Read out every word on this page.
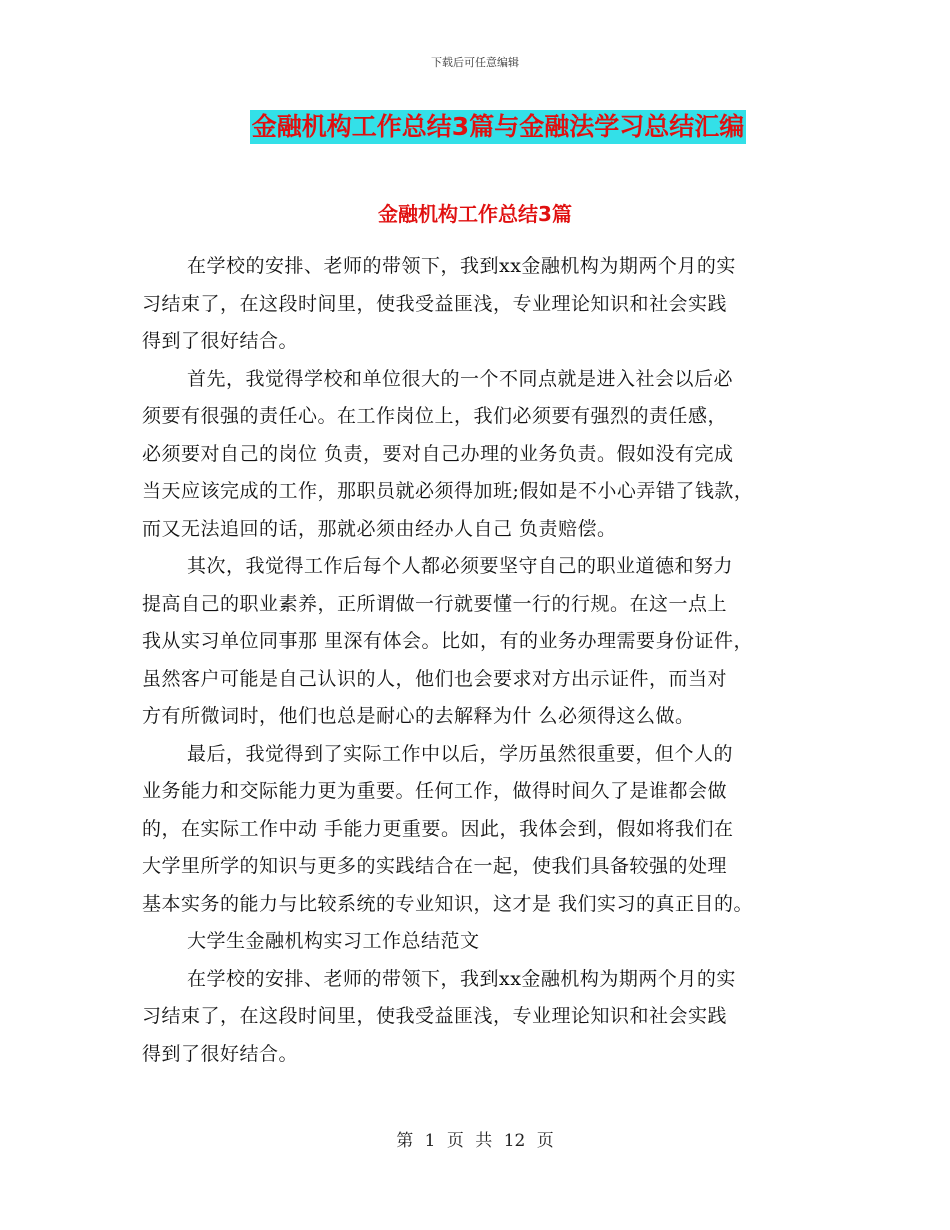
下载后可任意编辑
金融机构工作总结3篇与金融法学习总结汇编
金融机构工作总结3篇
在学校的安排、老师的带领下，我到xx金融机构为期两个月的实
习结束了，在这段时间里，使我受益匪浅，专业理论知识和社会实践
得到了很好结合。
首先，我觉得学校和单位很大的一个不同点就是进入社会以后必
须要有很强的责任心。在工作岗位上，我们必须要有强烈的责任感，
必须要对自己的岗位 负责，要对自己办理的业务负责。假如没有完成
当天应该完成的工作，那职员就必须得加班;假如是不小心弄错了钱款，
而又无法追回的话，那就必须由经办人自己 负责赔偿。
其次，我觉得工作后每个人都必须要坚守自己的职业道德和努力
提高自己的职业素养，正所谓做一行就要懂一行的行规。在这一点上
我从实习单位同事那 里深有体会。比如，有的业务办理需要身份证件，
虽然客户可能是自己认识的人，他们也会要求对方出示证件，而当对
方有所微词时，他们也总是耐心的去解释为什 么必须得这么做。
最后，我觉得到了实际工作中以后，学历虽然很重要，但个人的
业务能力和交际能力更为重要。任何工作，做得时间久了是谁都会做
的，在实际工作中动 手能力更重要。因此，我体会到，假如将我们在
大学里所学的知识与更多的实践结合在一起，使我们具备较强的处理
基本实务的能力与比较系统的专业知识，这才是 我们实习的真正目的。
大学生金融机构实习工作总结范文
在学校的安排、老师的带领下，我到xx金融机构为期两个月的实
习结束了，在这段时间里，使我受益匪浅，专业理论知识和社会实践
得到了很好结合。
第 1 页 共 12 页
